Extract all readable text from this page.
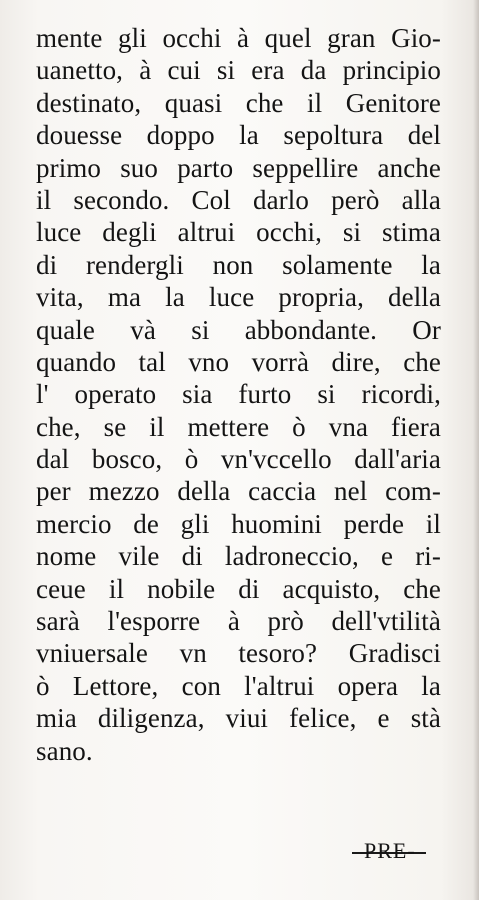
mente gli occhi à quel gran Gio-
uanetto, à cui si era da principio
destinato, quasi che il Genitore
douesse doppo la sepoltura del
primo suo parto seppellire anche
il secondo. Col darlo però alla
luce degli altrui occhi, si stima
di rendergli non solamente la
vita, ma la luce propria, della
quale và si abbondante. Or
quando tal vno vorrà dire, che
l' operato sia furto si ricordi,
che, se il mettere ò vna fiera
dal bosco, ò vn'vccello dall'aria
per mezzo della caccia nel com-
mercio de gli huomini perde il
nome vile di ladroneccio, e ri-
ceue il nobile di acquisto, che
sarà l'esporre à prò dell'vtilità
vniuersale vn tesoro? Gradisci
ò Lettore, con l'altrui opera la
mia diligenza, viui felice, e stà
sano.
PRE-
